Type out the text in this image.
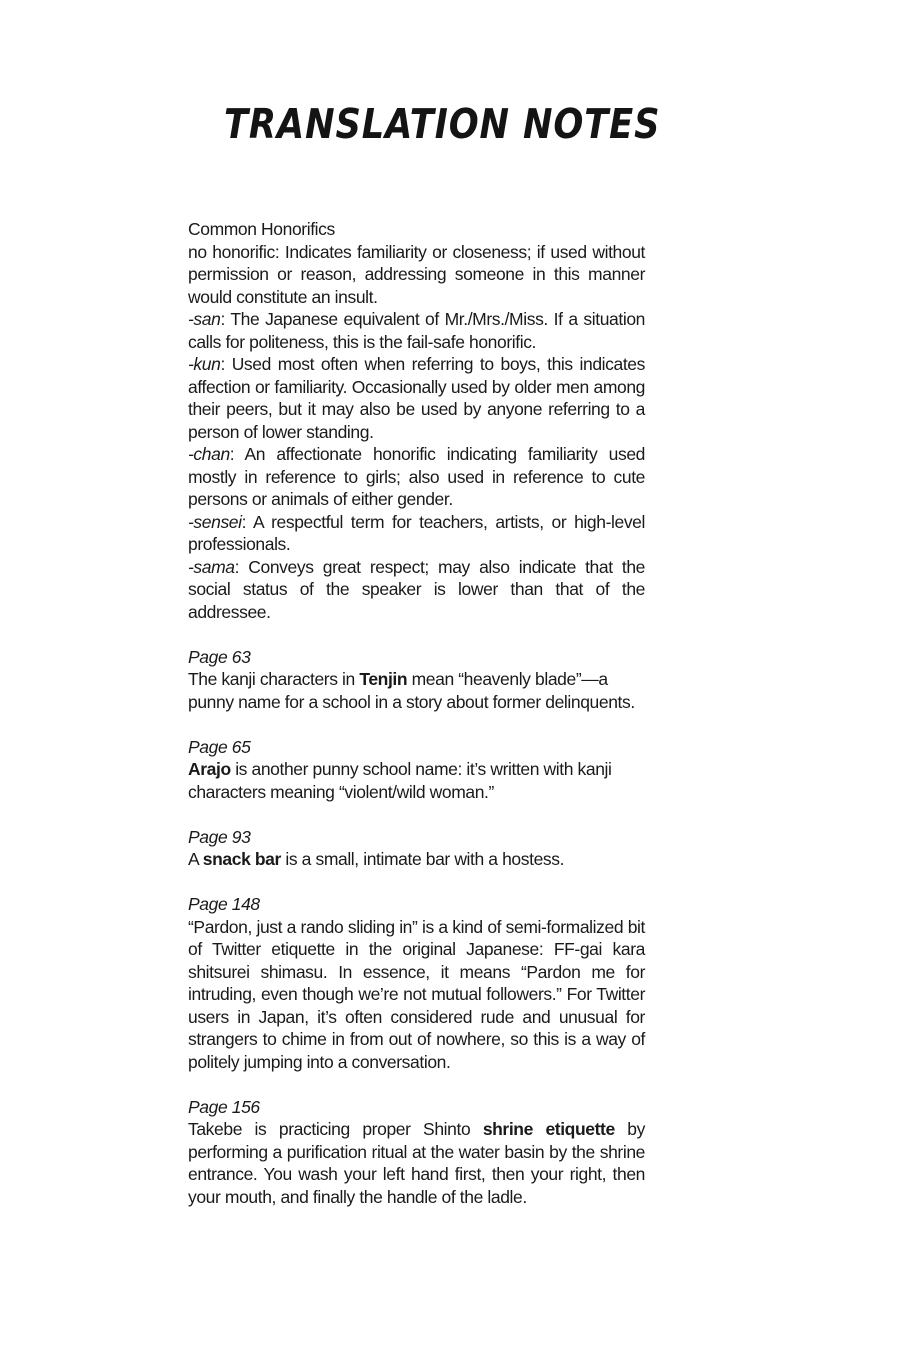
TRANSLATION NOTES

Common Honorifics

no honorific: Indicates familiarity or closeness; if used without permission or reason, addressing someone in this manner would constitute an insult.

-san: The Japanese equivalent of Mr./Mrs./Miss. If a situation calls for politeness, this is the fail-safe honorific.

-kun: Used most often when referring to boys, this indicates affection or familiarity. Occasionally used by older men among their peers, but it may also be used by anyone referring to a person of lower standing.

-chan: An affectionate honorific indicating familiarity used mostly in reference to girls; also used in reference to cute persons or animals of either gender.

-sensei: A respectful term for teachers, artists, or high-level professionals.

-sama: Conveys great respect; may also indicate that the social status of the speaker is lower than that of the addressee.

Page 63

The kanji characters in Tenjin mean “heavenly blade”—a punny name for a school in a story about former delinquents.

Page 65

Arajo is another punny school name: it’s written with kanji characters meaning “violent/wild woman.”

Page 93

A snack bar is a small, intimate bar with a hostess.

Page 148

“Pardon, just a rando sliding in” is a kind of semi-formalized bit of Twitter etiquette in the original Japanese: FF-gai kara shitsurei shimasu. In essence, it means “Pardon me for intruding, even though we’re not mutual followers.” For Twitter users in Japan, it’s often considered rude and unusual for strangers to chime in from out of nowhere, so this is a way of politely jumping into a conversation.

Page 156

Takebe is practicing proper Shinto shrine etiquette by performing a purification ritual at the water basin by the shrine entrance. You wash your left hand first, then your right, then your mouth, and finally the handle of the ladle.
